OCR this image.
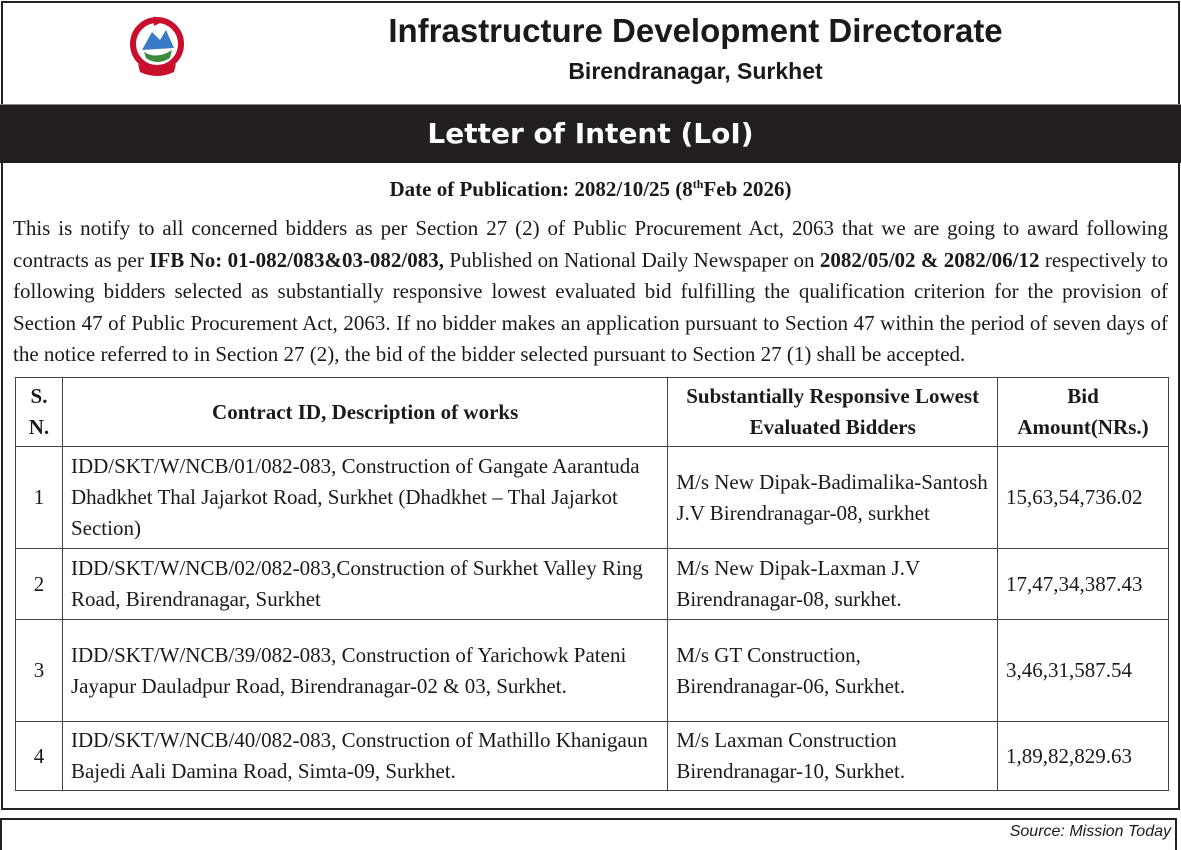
Infrastructure Development Directorate
Birendranagar, Surkhet
Letter of Intent (LoI)
Date of Publication: 2082/10/25 (8thFeb 2026)
This is notify to all concerned bidders as per Section 27 (2) of Public Procurement Act, 2063 that we are going to award following contracts as per IFB No: 01-082/083&03-082/083, Published on National Daily Newspaper on 2082/05/02 & 2082/06/12 respectively to following bidders selected as substantially responsive lowest evaluated bid fulfilling the qualification criterion for the provision of Section 47 of Public Procurement Act, 2063. If no bidder makes an application pursuant to Section 47 within the period of seven days of the notice referred to in Section 27 (2), the bid of the bidder selected pursuant to Section 27 (1) shall be accepted.
S. N.	Contract ID, Description of works	Substantially Responsive Lowest Evaluated Bidders	Bid Amount(NRs.)
1	IDD/SKT/W/NCB/01/082-083, Construction of Gangate Aarantuda Dhadkhet Thal Jajarkot Road, Surkhet (Dhadkhet – Thal Jajarkot Section)	M/s New Dipak-Badimalika-Santosh J.V Birendranagar-08, surkhet	15,63,54,736.02
2	IDD/SKT/W/NCB/02/082-083,Construction of Surkhet Valley Ring Road, Birendranagar, Surkhet	M/s New Dipak-Laxman J.V Birendranagar-08, surkhet.	17,47,34,387.43
3	IDD/SKT/W/NCB/39/082-083, Construction of Yarichowk Pateni Jayapur Dauladpur Road, Birendranagar-02 & 03, Surkhet.	M/s GT Construction, Birendranagar-06, Surkhet.	3,46,31,587.54
4	IDD/SKT/W/NCB/40/082-083, Construction of Mathillo Khanigaun Bajedi Aali Damina Road, Simta-09, Surkhet.	M/s Laxman Construction Birendranagar-10, Surkhet.	1,89,82,829.63
Source: Mission Today
